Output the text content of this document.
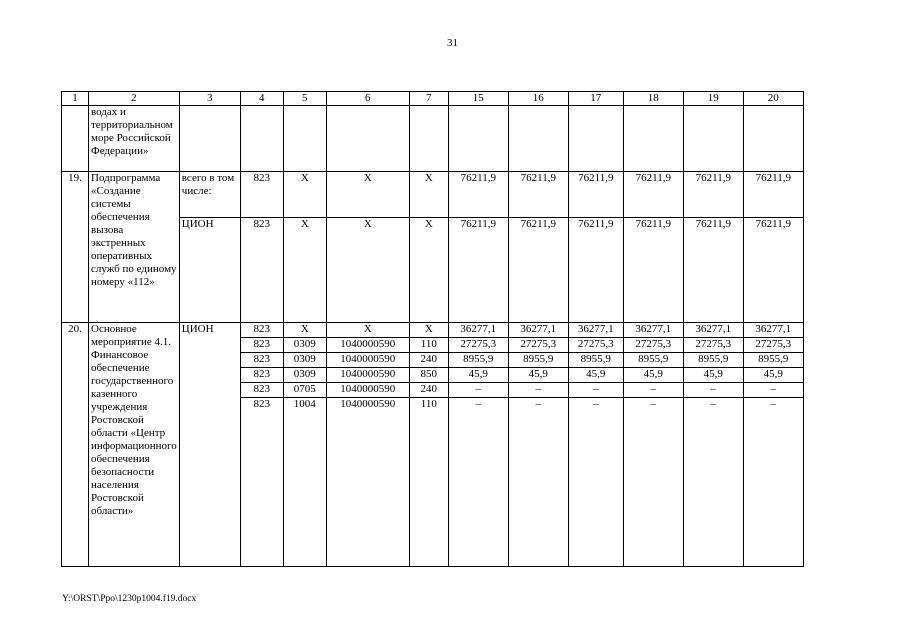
31
1	2	3	4	5	6	7	15	16	17	18	19	20
	водах и территориальном море Российской Федерации»											
19.	Подпрограмма «Создание системы обеспечения вызова экстренных оперативных служб по единому номеру «112»	всего в том числе:	823	X	X	X	76211,9	76211,9	76211,9	76211,9	76211,9	76211,9
		ЦИОН	823	X	X	X	76211,9	76211,9	76211,9	76211,9	76211,9	76211,9
20.	Основное мероприятие 4.1. Финансовое обеспечение государственного казенного учреждения Ростовской области «Центр информационного обеспечения безопасности населения Ростовской области»	ЦИОН	823	X	X	X	36277,1	36277,1	36277,1	36277,1	36277,1	36277,1
			823	0309	1040000590	110	27275,3	27275,3	27275,3	27275,3	27275,3	27275,3
			823	0309	1040000590	240	8955,9	8955,9	8955,9	8955,9	8955,9	8955,9
			823	0309	1040000590	850	45,9	45,9	45,9	45,9	45,9	45,9
			823	0705	1040000590	240	–	–	–	–	–	–
			823	1004	1040000590	110	–	–	–	–	–	–
Y:\ORST\Ppo\1230p1004.f19.docx
